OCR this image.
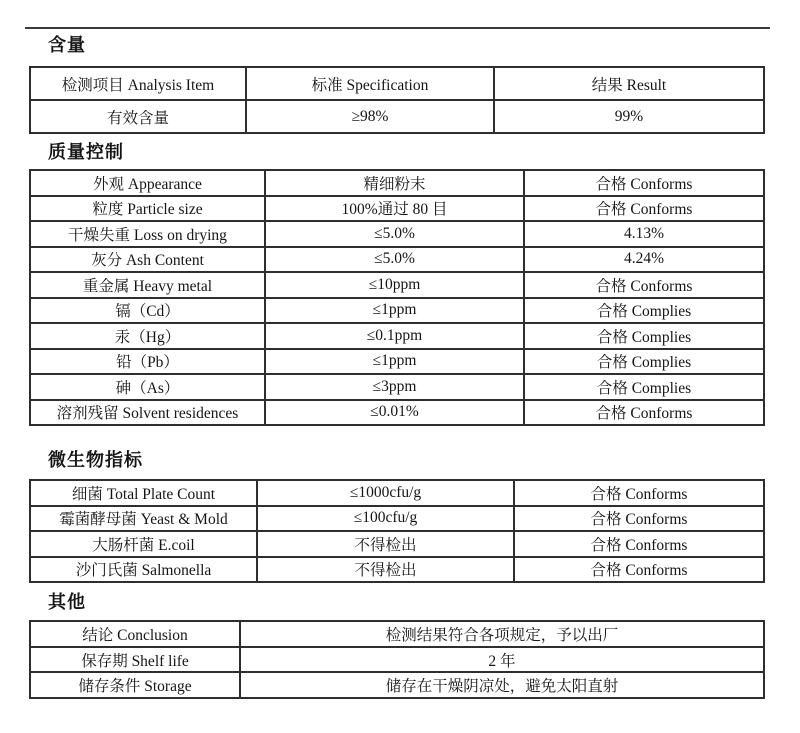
含量
检测项目 Analysis Item	标准 Specification	结果 Result
有效含量	≥98%	99%
质量控制
外观 Appearance	精细粉末	合格 Conforms
粒度 Particle size	100%通过 80 目	合格 Conforms
干燥失重 Loss on drying	≤5.0%	4.13%
灰分 Ash Content	≤5.0%	4.24%
重金属 Heavy metal	≤10ppm	合格 Conforms
镉（Cd）	≤1ppm	合格 Complies
汞（Hg）	≤0.1ppm	合格 Complies
铅（Pb）	≤1ppm	合格 Complies
砷（As）	≤3ppm	合格 Complies
溶剂残留 Solvent residences	≤0.01%	合格 Conforms
微生物指标
细菌 Total Plate Count	≤1000cfu/g	合格 Conforms
霉菌酵母菌 Yeast & Mold	≤100cfu/g	合格 Conforms
大肠杆菌 E.coil	不得检出	合格 Conforms
沙门氏菌 Salmonella	不得检出	合格 Conforms
其他
结论 Conclusion	检测结果符合各项规定，予以出厂
保存期 Shelf life	2 年
储存条件 Storage	储存在干燥阴凉处，避免太阳直射
